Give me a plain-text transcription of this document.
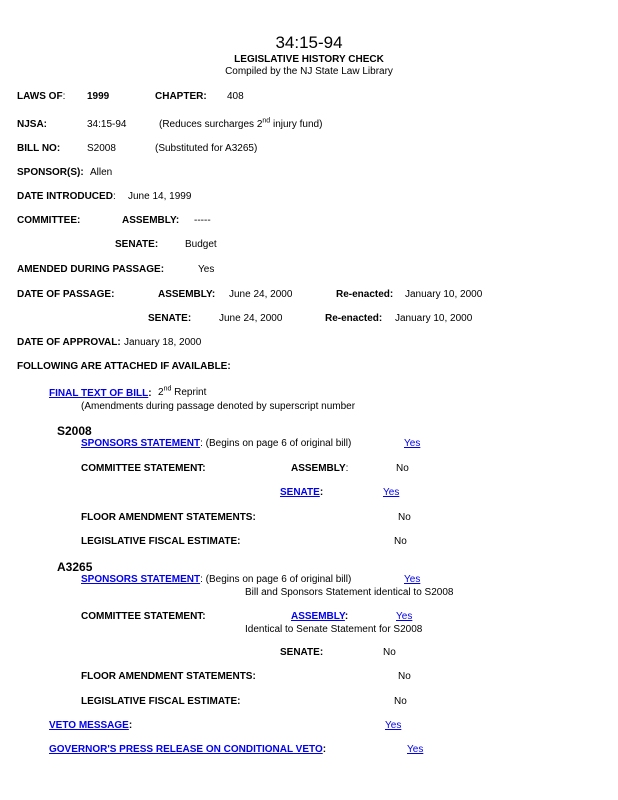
34:15-94
LEGISLATIVE HISTORY CHECK
Compiled by the NJ State Law Library
LAWS OF: 1999	CHAPTER: 408
NJSA:	34:15-94	(Reduces surcharges 2nd injury fund)
BILL NO:	S2008	(Substituted for A3265)
SPONSOR(S): Allen
DATE INTRODUCED: June 14, 1999
COMMITTEE:	ASSEMBLY: -----
SENATE:	Budget
AMENDED DURING PASSAGE:	Yes
DATE OF PASSAGE:	ASSEMBLY: June 24, 2000	Re-enacted: January 10, 2000
SENATE:	June 24, 2000	Re-enacted: January 10, 2000
DATE OF APPROVAL: January 18, 2000
FOLLOWING ARE ATTACHED IF AVAILABLE:
FINAL TEXT OF BILL: 2nd Reprint
(Amendments during passage denoted by superscript number
S2008
SPONSORS STATEMENT: (Begins on page 6 of original bill)	Yes
COMMITTEE STATEMENT:	ASSEMBLY:	No
SENATE:	Yes
FLOOR AMENDMENT STATEMENTS:	No
LEGISLATIVE FISCAL ESTIMATE:	No
A3265
SPONSORS STATEMENT: (Begins on page 6 of original bill)	Yes
Bill and Sponsors Statement identical to S2008
COMMITTEE STATEMENT:	ASSEMBLY:	Yes
Identical to Senate Statement for S2008
SENATE:	No
FLOOR AMENDMENT STATEMENTS:	No
LEGISLATIVE FISCAL ESTIMATE:	No
VETO MESSAGE:	Yes
GOVERNOR'S PRESS RELEASE ON CONDITIONAL VETO:	Yes
